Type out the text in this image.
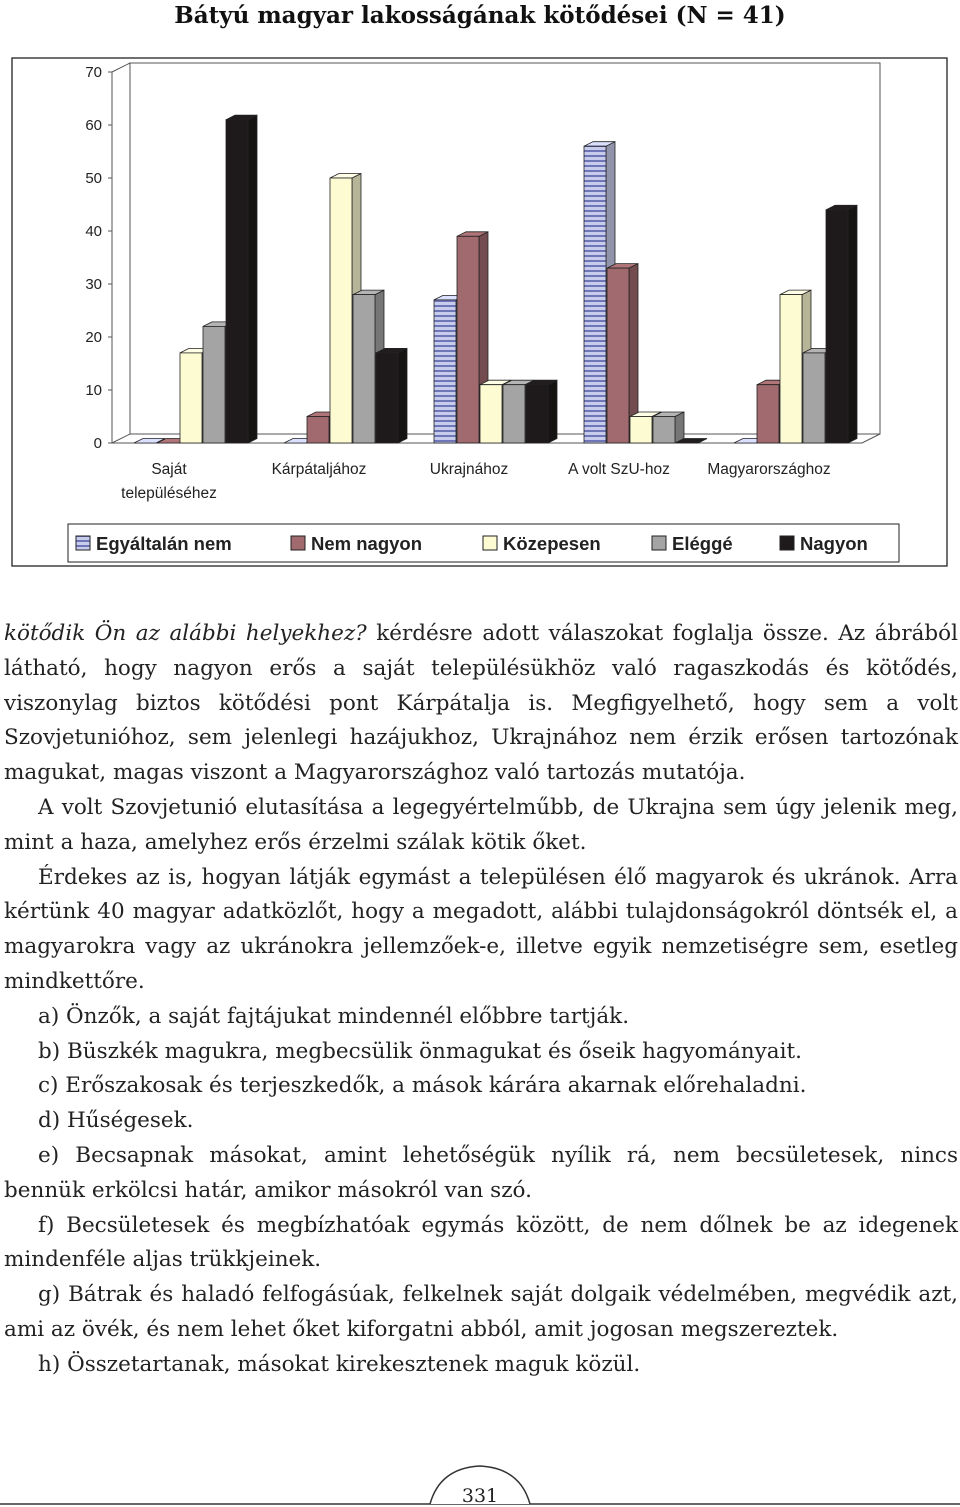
Bátyú magyar lakosságának kötődései (N = 41)
0
10
20
30
40
50
60
70
Saját
településéhez
Kárpátaljához	Ukrajnához	A volt SzU-hoz Magyarországhoz
Egyáltalán nem	Nem nagyon	Közepesen	Eléggé	Nagyon

kötődik Ön az alábbi helyekhez? kérdésre adott válaszokat foglalja össze. Az ábrából látható, hogy nagyon erős a saját településükhöz való ragaszkodás és kötődés, viszonylag biztos kötődési pont Kárpátalja is. Megfigyelhető, hogy sem a volt Szovjetunióhoz, sem jelenlegi hazájukhoz, Ukrajnához nem érzik erősen tartozónak magukat, magas viszont a Magyarországhoz való tartozás mutatója.

A volt Szovjetunió elutasítása a legegyértelműbb, de Ukrajna sem úgy jelenik meg, mint a haza, amelyhez erős érzelmi szálak kötik őket.

Érdekes az is, hogyan látják egymást a településen élő magyarok és ukránok. Arra kértünk 40 magyar adatközlőt, hogy a megadott, alábbi tulajdonságokról döntsék el, a magyarokra vagy az ukránokra jellemzőek-e, illetve egyik nemzetiségre sem, esetleg mindkettőre.

a) Önzők, a saját fajtájukat mindennél előbbre tartják.

b) Büszkék magukra, megbecsülik önmagukat és őseik hagyományait.

c) Erőszakosak és terjeszkedők, a mások kárára akarnak előrehaladni.

d) Hűségesek.

e) Becsapnak másokat, amint lehetőségük nyílik rá, nem becsületesek, nincs bennük erkölcsi határ, amikor másokról van szó.

f) Becsületesek és megbízhatóak egymás között, de nem dőlnek be az idegenek mindenféle aljas trükkjeinek.

g) Bátrak és haladó felfogásúak, felkelnek saját dolgaik védelmében, megvédik azt, ami az övék, és nem lehet őket kiforgatni abból, amit jogosan megszereztek.

h) Összetartanak, másokat kirekesztenek maguk közül.

331
